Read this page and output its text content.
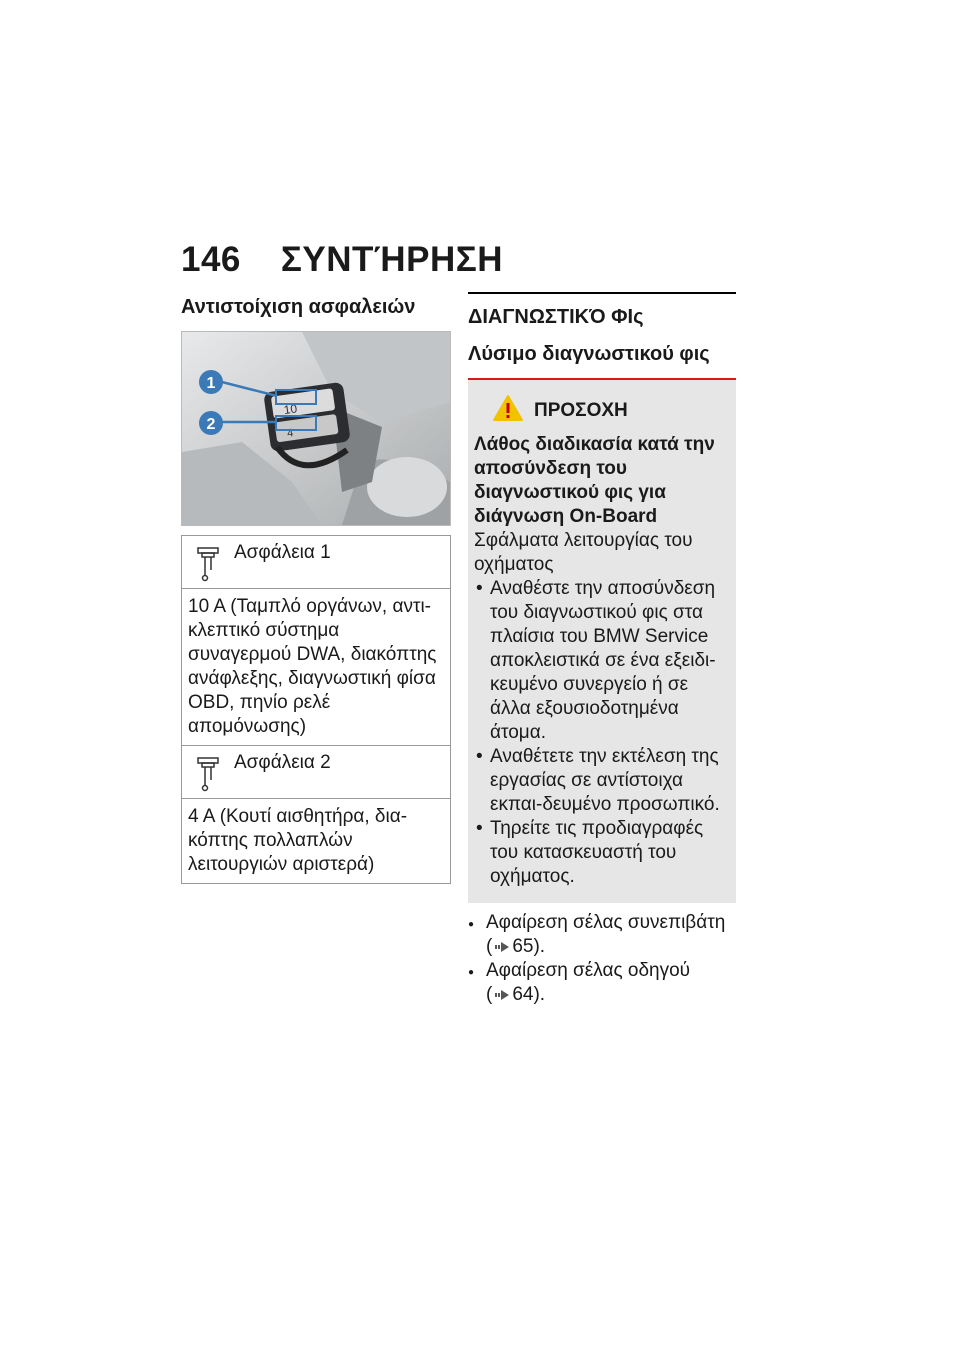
146 ΣΥΝΤΉΡΗΣΗ
Αντιστοίχιση ασφαλειών
10
4
1
2
Ασφάλεια 1
10 A (Ταμπλό οργάνων, αντι-κλεπτικό σύστημα συναγερμού DWA, διακόπτης ανάφλεξης, διαγνωστική φίσα OBD, πηνίο ρελέ απομόνωσης)
Ασφάλεια 2
4 A (Κουτί αισθητήρα, δια-κόπτης πολλαπλών λειτουργιών αριστερά)
ΔΙΑΓΝΩΣΤΙΚΌ ΦΙς
Λύσιμο διαγνωστικού φις
ΠΡΟΣΟΧΗ
Λάθος διαδικασία κατά την αποσύνδεση του διαγνωστικού φις για διάγνωση On-Board
Σφάλματα λειτουργίας του οχήματος
• Αναθέστε την αποσύνδεση του διαγνωστικού φις στα πλαίσια του BMW Service αποκλειστικά σε ένα εξειδι-κευμένο συνεργείο ή σε άλλα εξουσιοδοτημένα άτομα.
• Αναθέτετε την εκτέλεση της εργασίας σε αντίστοιχα εκπαι-δευμένο προσωπικό.
• Τηρείτε τις προδιαγραφές του κατασκευαστή του οχήματος.
● Αφαίρεση σέλας συνεπιβάτη
( 65).
● Αφαίρεση σέλας οδηγού
( 64).
